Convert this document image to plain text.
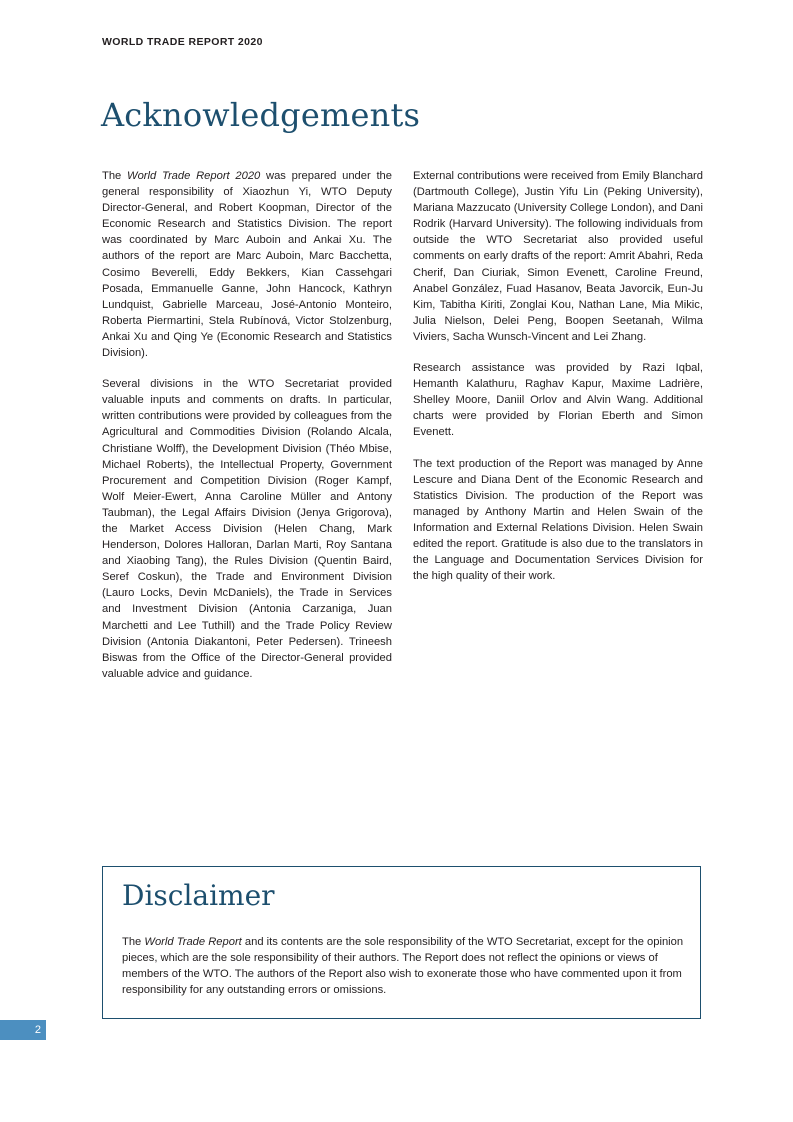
WORLD TRADE REPORT 2020
Acknowledgements

The World Trade Report 2020 was prepared under the general responsibility of Xiaozhun Yi, WTO Deputy Director-General, and Robert Koopman, Director of the Economic Research and Statistics Division. The report was coordinated by Marc Auboin and Ankai Xu. The authors of the report are Marc Auboin, Marc Bacchetta, Cosimo Beverelli, Eddy Bekkers, Kian Cassehgari Posada, Emmanuelle Ganne, John Hancock, Kathryn Lundquist, Gabrielle Marceau, José-Antonio Monteiro, Roberta Piermartini, Stela Rubínová, Victor Stolzenburg, Ankai Xu and Qing Ye (Economic Research and Statistics Division).

Several divisions in the WTO Secretariat provided valuable inputs and comments on drafts. In particular, written contributions were provided by colleagues from the Agricultural and Commodities Division (Rolando Alcala, Christiane Wolff), the Development Division (Théo Mbise, Michael Roberts), the Intellectual Property, Government Procurement and Competition Division (Roger Kampf, Wolf Meier-Ewert, Anna Caroline Müller and Antony Taubman), the Legal Affairs Division (Jenya Grigorova), the Market Access Division (Helen Chang, Mark Henderson, Dolores Halloran, Darlan Marti, Roy Santana and Xiaobing Tang), the Rules Division (Quentin Baird, Seref Coskun), the Trade and Environment Division (Lauro Locks, Devin McDaniels), the Trade in Services and Investment Division (Antonia Carzaniga, Juan Marchetti and Lee Tuthill) and the Trade Policy Review Division (Antonia Diakantoni, Peter Pedersen). Trineesh Biswas from the Office of the Director-General provided valuable advice and guidance.

External contributions were received from Emily Blanchard (Dartmouth College), Justin Yifu Lin (Peking University), Mariana Mazzucato (University College London), and Dani Rodrik (Harvard University). The following individuals from outside the WTO Secretariat also provided useful comments on early drafts of the report: Amrit Abahri, Reda Cherif, Dan Ciuriak, Simon Evenett, Caroline Freund, Anabel González, Fuad Hasanov, Beata Javorcik, Eun-Ju Kim, Tabitha Kiriti, Zonglai Kou, Nathan Lane, Mia Mikic, Julia Nielson, Delei Peng, Boopen Seetanah, Wilma Viviers, Sacha Wunsch-Vincent and Lei Zhang.

Research assistance was provided by Razi Iqbal, Hemanth Kalathuru, Raghav Kapur, Maxime Ladrière, Shelley Moore, Daniil Orlov and Alvin Wang. Additional charts were provided by Florian Eberth and Simon Evenett.

The text production of the Report was managed by Anne Lescure and Diana Dent of the Economic Research and Statistics Division. The production of the Report was managed by Anthony Martin and Helen Swain of the Information and External Relations Division. Helen Swain edited the report. Gratitude is also due to the translators in the Language and Documentation Services Division for the high quality of their work.

Disclaimer

The World Trade Report and its contents are the sole responsibility of the WTO Secretariat, except for the opinion pieces, which are the sole responsibility of their authors. The Report does not reflect the opinions or views of members of the WTO. The authors of the Report also wish to exonerate those who have commented upon it from responsibility for any outstanding errors or omissions.

2
